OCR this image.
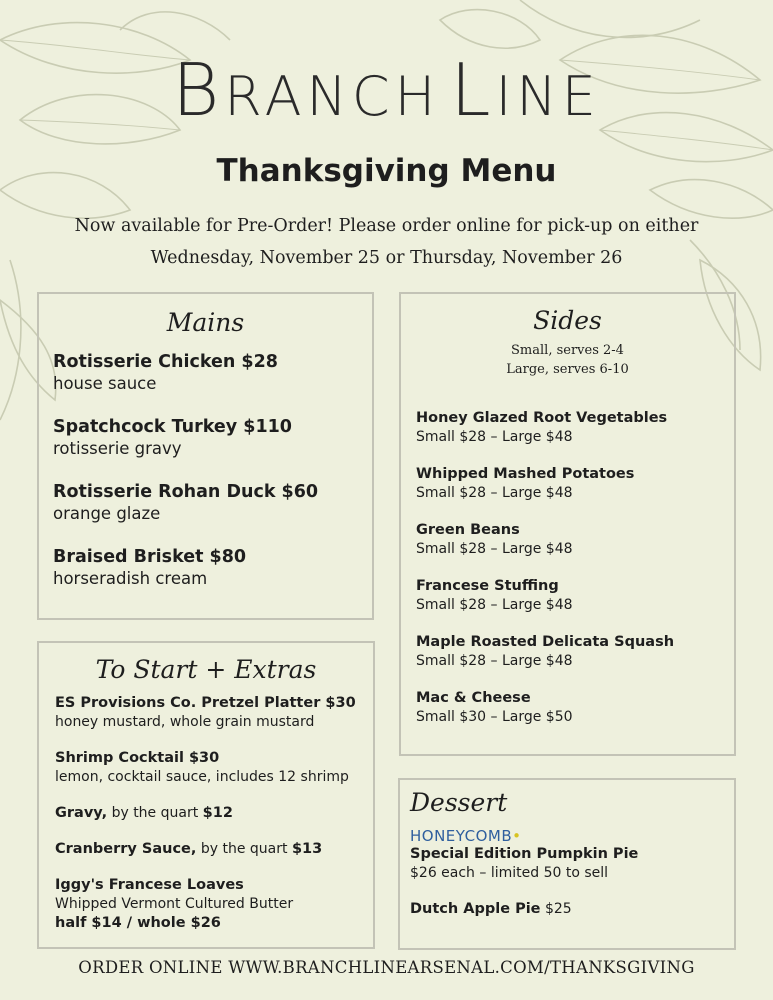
BRANCH LINE
Thanksgiving Menu
Now available for Pre-Order! Please order online for pick-up on either
Wednesday, November 25 or Thursday, November 26
Mains
Rotisserie Chicken $28
house sauce
Spatchcock Turkey $110
rotisserie gravy
Rotisserie Rohan Duck $60
orange glaze
Braised Brisket $80
horseradish cream
Sides
Small, serves 2-4
Large, serves 6-10
Honey Glazed Root Vegetables
Small $28 – Large $48
Whipped Mashed Potatoes
Small $28 – Large $48
Green Beans
Small $28 – Large $48
Francese Stuffing
Small $28 – Large $48
Maple Roasted Delicata Squash
Small $28 – Large $48
Mac & Cheese
Small $30 – Large $50
To Start + Extras
ES Provisions Co. Pretzel Platter $30
honey mustard, whole grain mustard
Shrimp Cocktail $30
lemon, cocktail sauce, includes 12 shrimp
Gravy, by the quart $12
Cranberry Sauce, by the quart $13
Iggy's Francese Loaves
Whipped Vermont Cultured Butter
half $14 / whole $26
Dessert
HONEYCOMB•
Special Edition Pumpkin Pie
$26 each – limited 50 to sell
Dutch Apple Pie $25
ORDER ONLINE WWW.BRANCHLINEARSENAL.COM/THANKSGIVING
